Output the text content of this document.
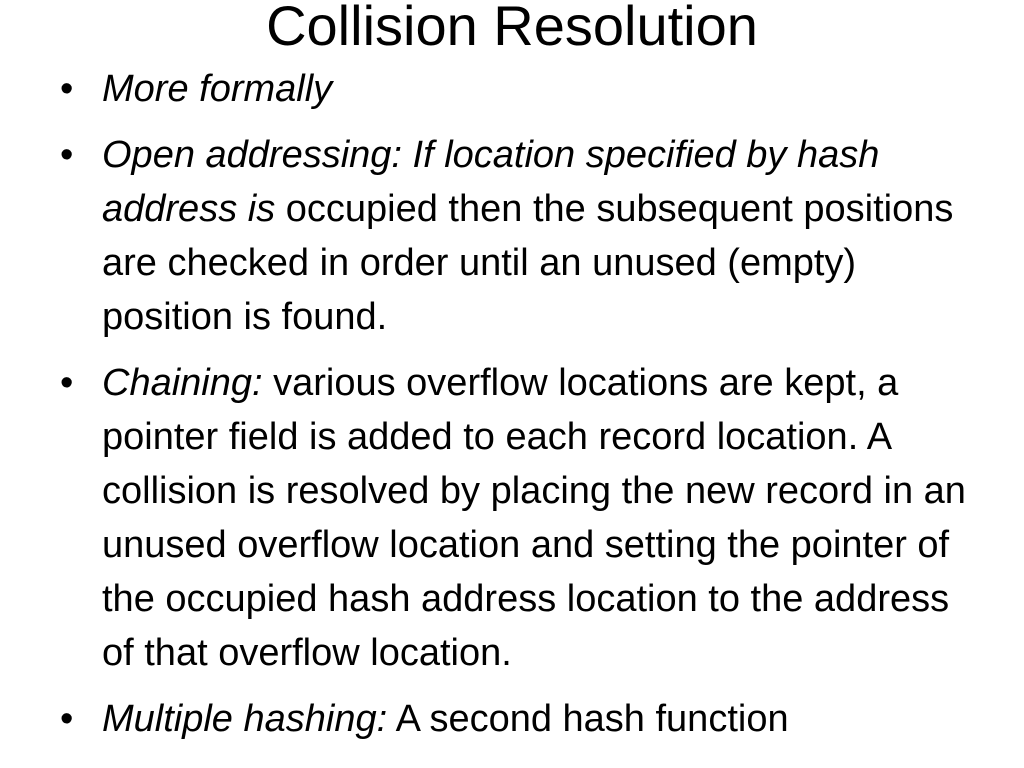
Collision Resolution
• More formally
• Open addressing: If location specified by hash address is occupied then the subsequent positions are checked in order until an unused (empty) position is found.
• Chaining: various overflow locations are kept, a pointer field is added to each record location. A collision is resolved by placing the new record in an unused overflow location and setting the pointer of the occupied hash address location to the address of that overflow location.
• Multiple hashing: A second hash function
